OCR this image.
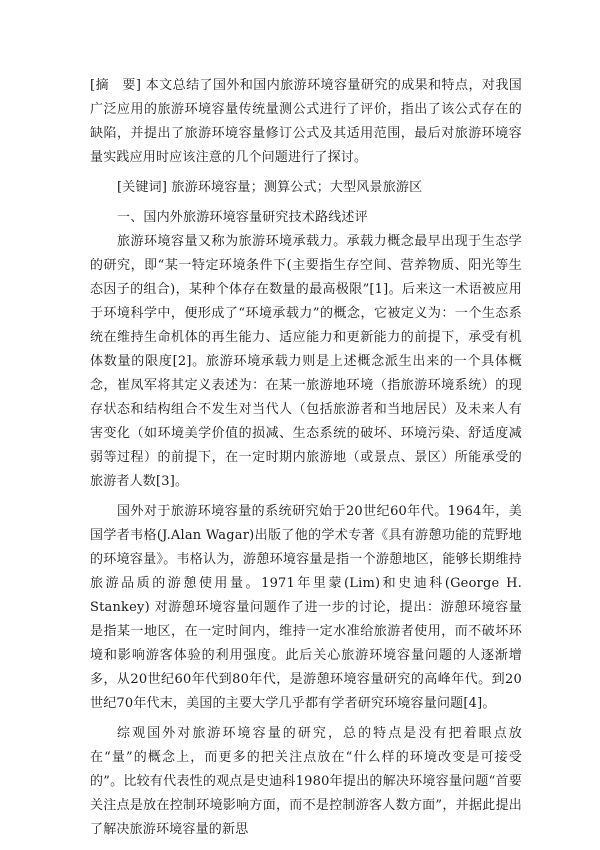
[摘　要] 本文总结了国外和国内旅游环境容量研究的成果和特点，对我国广泛应用的旅游环境容量传统量测公式进行了评价，指出了该公式存在的缺陷，并提出了旅游环境容量修订公式及其适用范围，最后对旅游环境容量实践应用时应该注意的几个问题进行了探讨。

[关键词] 旅游环境容量；测算公式；大型风景旅游区

一、国内外旅游环境容量研究技术路线述评

旅游环境容量又称为旅游环境承载力。承载力概念最早出现于生态学的研究，即“某一特定环境条件下(主要指生存空间、营养物质、阳光等生态因子的组合)，某种个体存在数量的最高极限”[1]。后来这一术语被应用于环境科学中，便形成了“环境承载力”的概念，它被定义为：一个生态系统在维持生命机体的再生能力、适应能力和更新能力的前提下，承受有机体数量的限度[2]。旅游环境承载力则是上述概念派生出来的一个具体概念，崔凤军将其定义表述为：在某一旅游地环境（指旅游环境系统）的现存状态和结构组合不发生对当代人（包括旅游者和当地居民）及未来人有害变化（如环境美学价值的损减、生态系统的破坏、环境污染、舒适度减弱等过程）的前提下，在一定时期内旅游地（或景点、景区）所能承受的旅游者人数[3]。

国外对于旅游环境容量的系统研究始于20世纪60年代。1964年，美国学者韦格(J.Alan Wagar)出版了他的学术专著《具有游憩功能的荒野地的环境容量》。韦格认为，游憩环境容量是指一个游憩地区，能够长期维持旅游品质的游憩使用量。1971年里蒙(Lim)和史迪科(George H. Stankey) 对游憩环境容量问题作了进一步的讨论，提出：游憩环境容量是指某一地区，在一定时间内，维持一定水准给旅游者使用，而不破坏环境和影响游客体验的利用强度。此后关心旅游环境容量问题的人逐渐增多，从20世纪60年代到80年代，是游憩环境容量研究的高峰年代。到20世纪70年代末，美国的主要大学几乎都有学者研究环境容量问题[4]。

综观国外对旅游环境容量的研究，总的特点是没有把着眼点放在“量”的概念上，而更多的把关注点放在“什么样的环境改变是可接受的”。比较有代表性的观点是史迪科1980年提出的解决环境容量问题“首要关注点是放在控制环境影响方面，而不是控制游客人数方面”，并据此提出了解决旅游环境容量的新思
